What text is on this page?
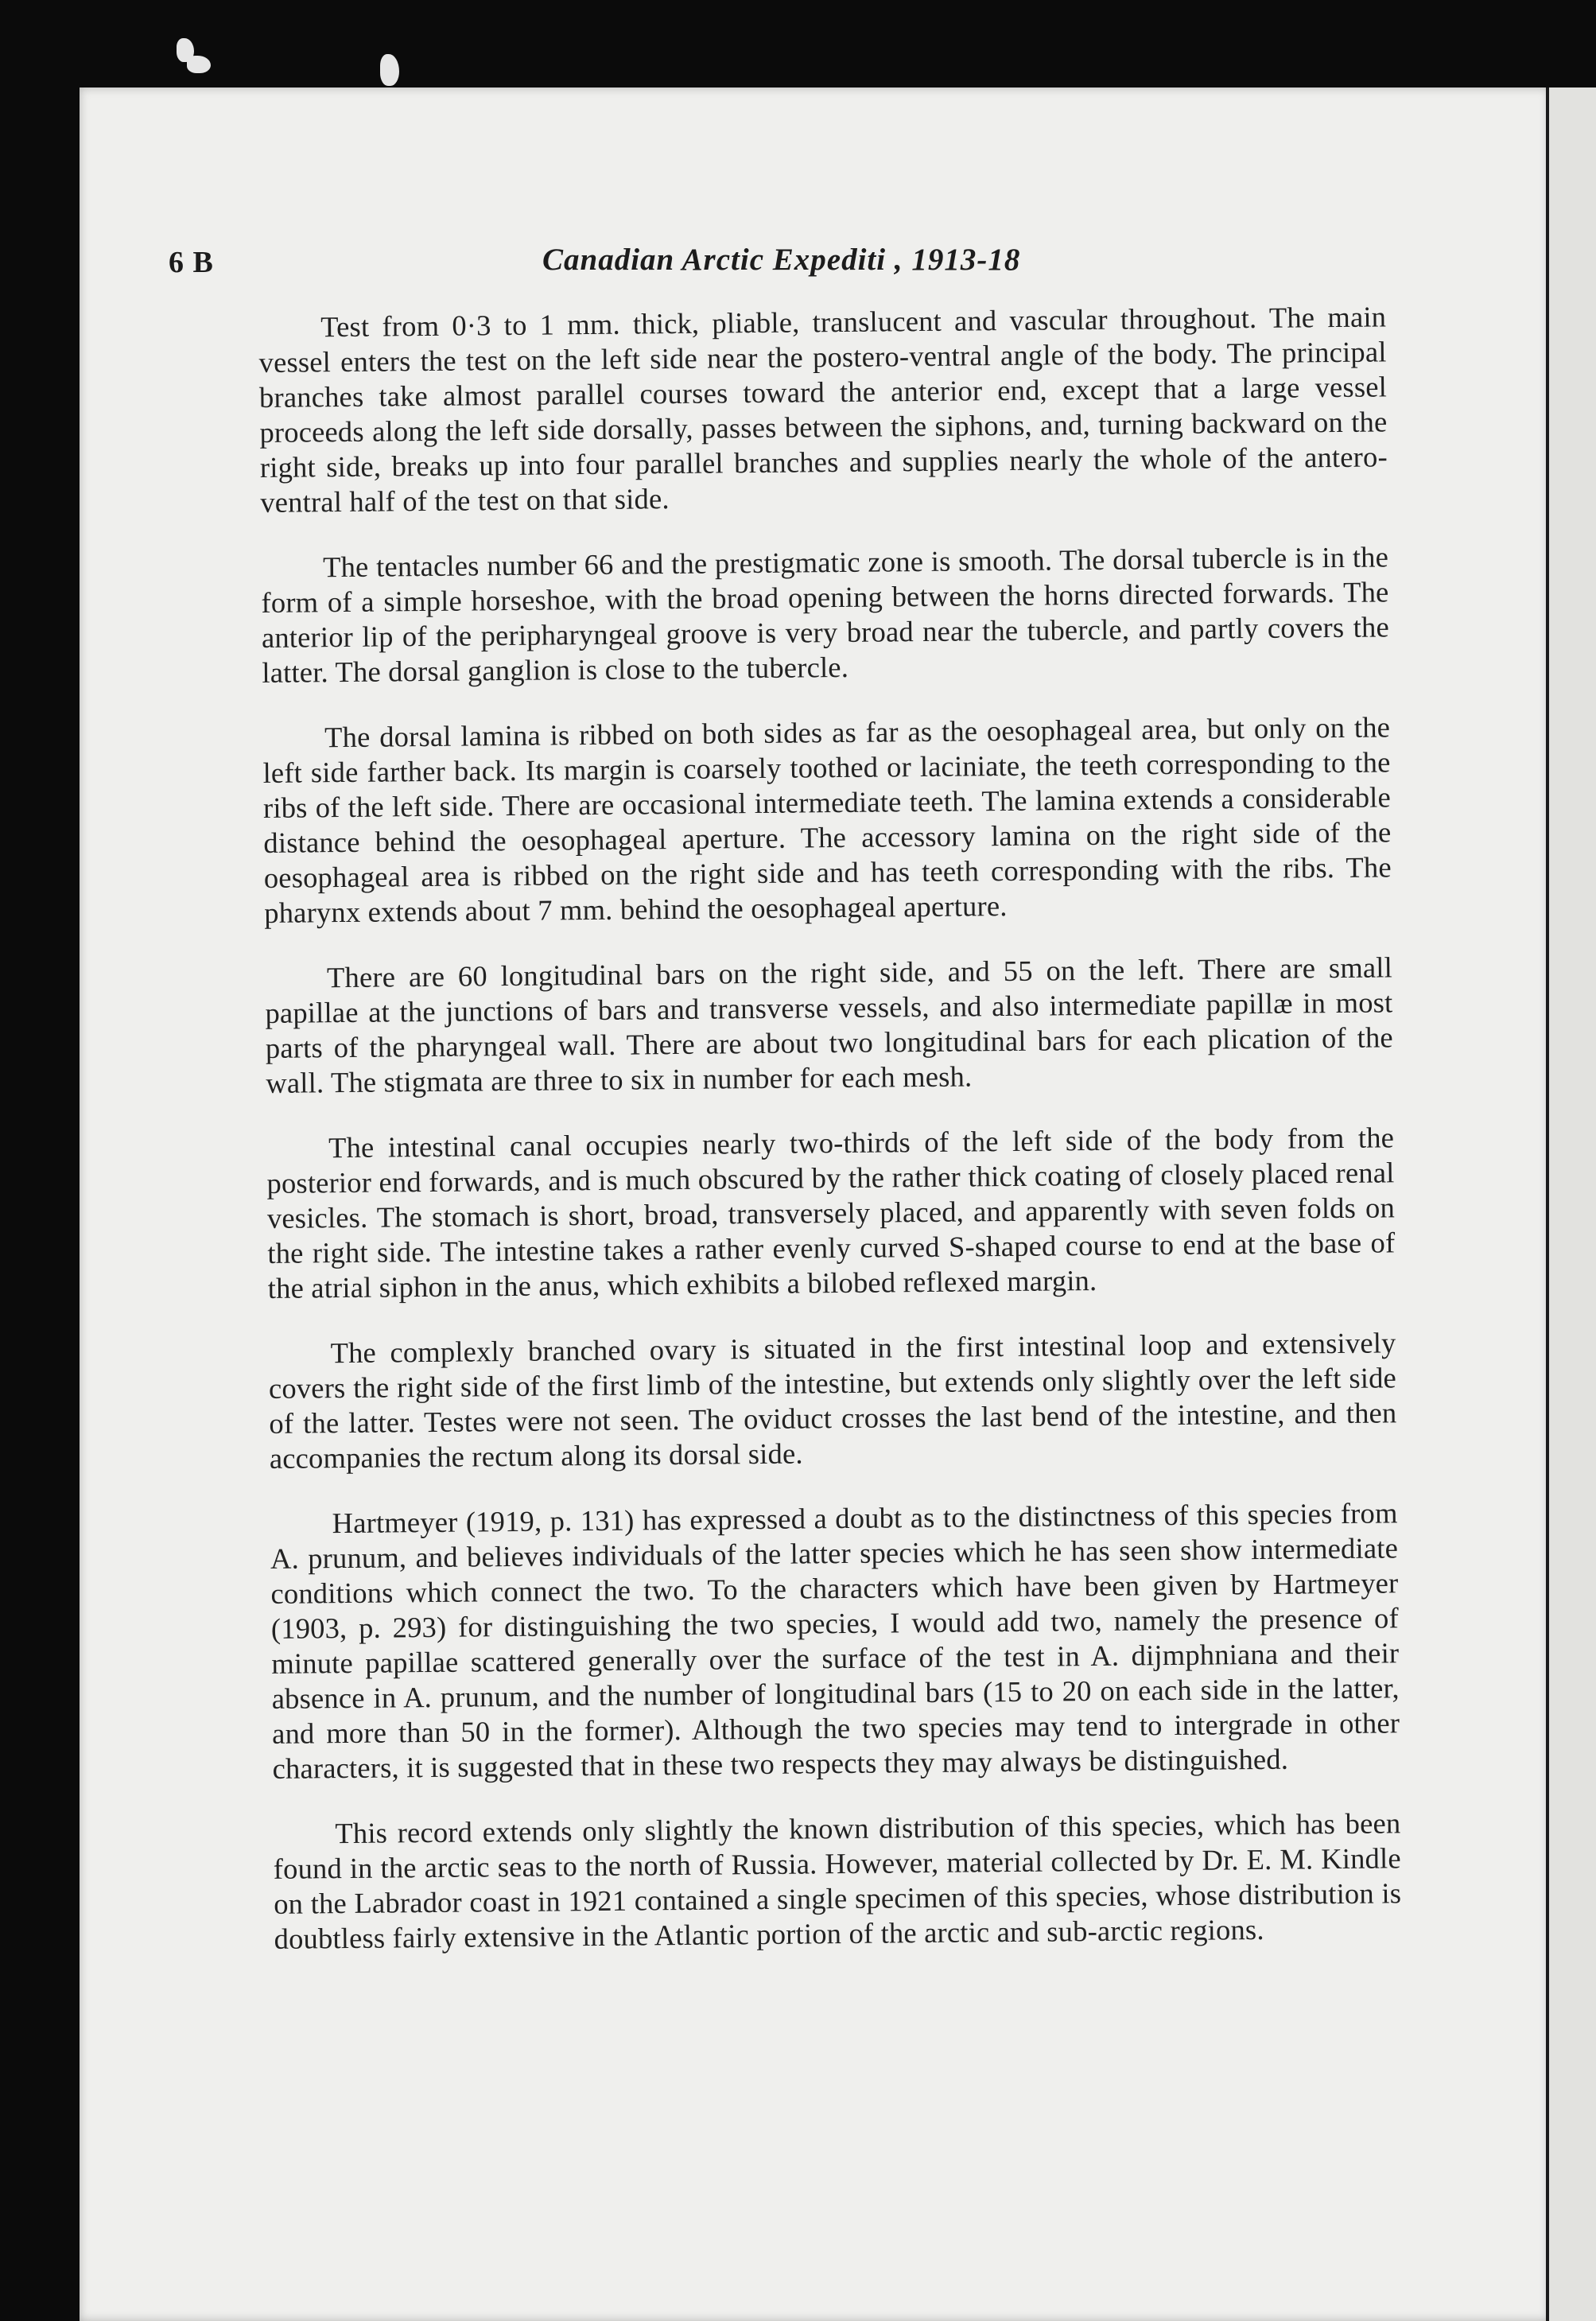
6 B	Canadian Arctic Expediti , 1913-18

Test from 0·3 to 1 mm. thick, pliable, translucent and vascular throughout. The main vessel enters the test on the left side near the postero-ventral angle of the body. The principal branches take almost parallel courses toward the anterior end, except that a large vessel proceeds along the left side dorsally, passes between the siphons, and, turning backward on the right side, breaks up into four parallel branches and supplies nearly the whole of the antero-ventral half of the test on that side.

The tentacles number 66 and the prestigmatic zone is smooth. The dorsal tubercle is in the form of a simple horseshoe, with the broad opening between the horns directed forwards. The anterior lip of the peripharyngeal groove is very broad near the tubercle, and partly covers the latter. The dorsal ganglion is close to the tubercle.

The dorsal lamina is ribbed on both sides as far as the oesophageal area, but only on the left side farther back. Its margin is coarsely toothed or laciniate, the teeth corresponding to the ribs of the left side. There are occasional intermediate teeth. The lamina extends a considerable distance behind the oesophageal aperture. The accessory lamina on the right side of the oesophageal area is ribbed on the right side and has teeth corresponding with the ribs. The pharynx extends about 7 mm. behind the oesophageal aperture.

There are 60 longitudinal bars on the right side, and 55 on the left. There are small papillae at the junctions of bars and transverse vessels, and also intermediate papillæ in most parts of the pharyngeal wall. There are about two longitudinal bars for each plication of the wall. The stigmata are three to six in number for each mesh.

The intestinal canal occupies nearly two-thirds of the left side of the body from the posterior end forwards, and is much obscured by the rather thick coating of closely placed renal vesicles. The stomach is short, broad, transversely placed, and apparently with seven folds on the right side. The intestine takes a rather evenly curved S-shaped course to end at the base of the atrial siphon in the anus, which exhibits a bilobed reflexed margin.

The complexly branched ovary is situated in the first intestinal loop and extensively covers the right side of the first limb of the intestine, but extends only slightly over the left side of the latter. Testes were not seen. The oviduct crosses the last bend of the intestine, and then accompanies the rectum along its dorsal side.

Hartmeyer (1919, p. 131) has expressed a doubt as to the distinctness of this species from A. prunum, and believes individuals of the latter species which he has seen show intermediate conditions which connect the two. To the characters which have been given by Hartmeyer (1903, p. 293) for distinguishing the two species, I would add two, namely the presence of minute papillae scattered generally over the surface of the test in A. dijmphniana and their absence in A. prunum, and the number of longitudinal bars (15 to 20 on each side in the latter, and more than 50 in the former). Although the two species may tend to intergrade in other characters, it is suggested that in these two respects they may always be distinguished.

This record extends only slightly the known distribution of this species, which has been found in the arctic seas to the north of Russia. However, material collected by Dr. E. M. Kindle on the Labrador coast in 1921 contained a single specimen of this species, whose distribution is doubtless fairly extensive in the Atlantic portion of the arctic and sub-arctic regions.
